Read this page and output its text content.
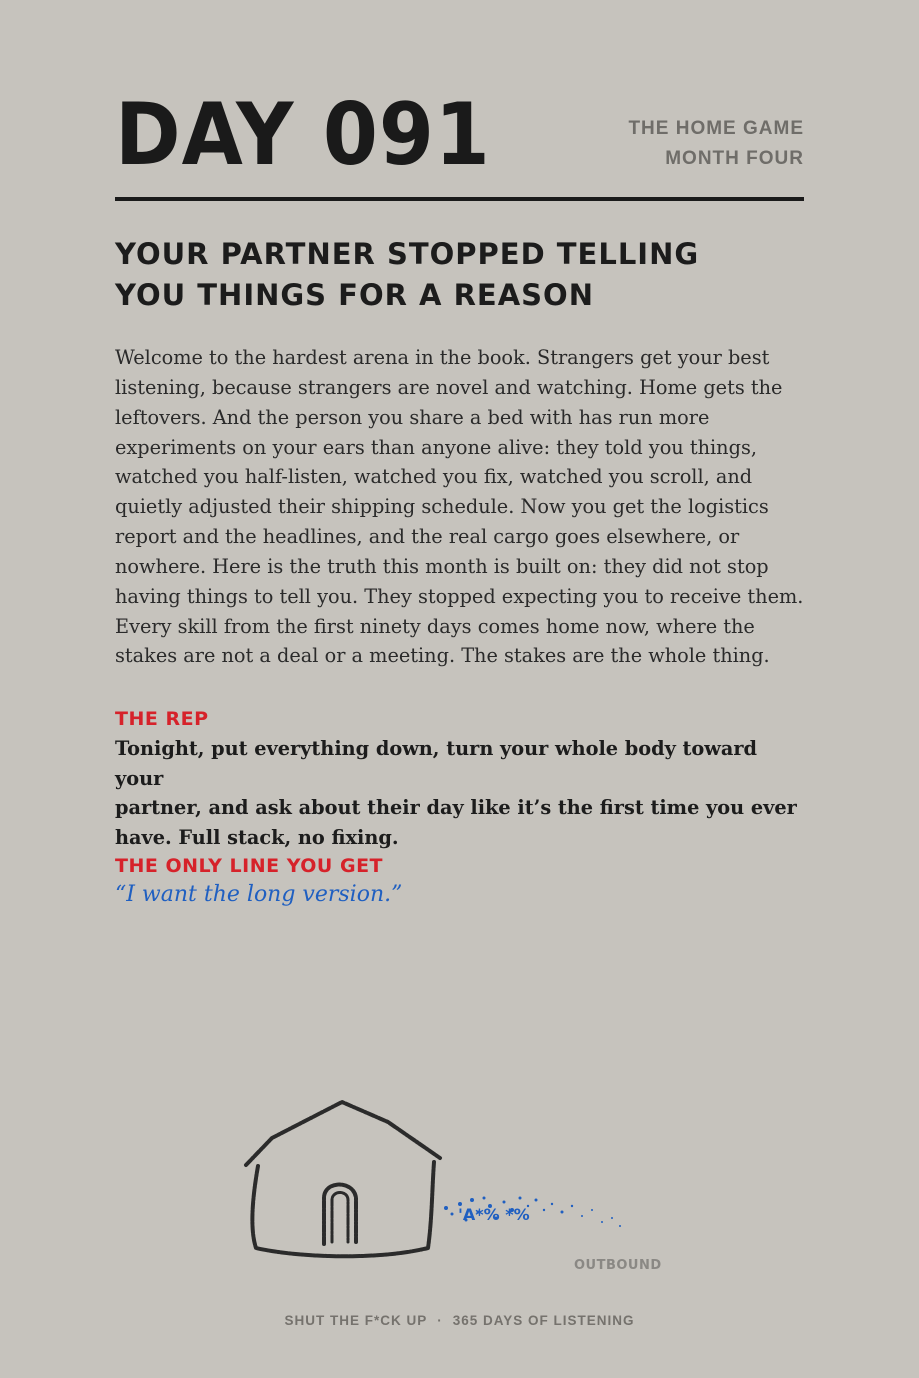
DAY 091	THE HOME GAME
MONTH FOUR
YOUR PARTNER STOPPED TELLING
YOU THINGS FOR A REASON
Welcome to the hardest arena in the book. Strangers get your best
listening, because strangers are novel and watching. Home gets the
leftovers. And the person you share a bed with has run more
experiments on your ears than anyone alive: they told you things,
watched you half-listen, watched you fix, watched you scroll, and
quietly adjusted their shipping schedule. Now you get the logistics
report and the headlines, and the real cargo goes elsewhere, or
nowhere. Here is the truth this month is built on: they did not stop
having things to tell you. They stopped expecting you to receive them.
Every skill from the first ninety days comes home now, where the
stakes are not a deal or a meeting. The stakes are the whole thing.
THE REP
Tonight, put everything down, turn your whole body toward your
partner, and ask about their day like it’s the first time you ever
have. Full stack, no fixing.
THE ONLY LINE YOU GET
“I want the long version.”
'A*% *%
OUTBOUND
SHUT THE F*CK UP · 365 DAYS OF LISTENING
